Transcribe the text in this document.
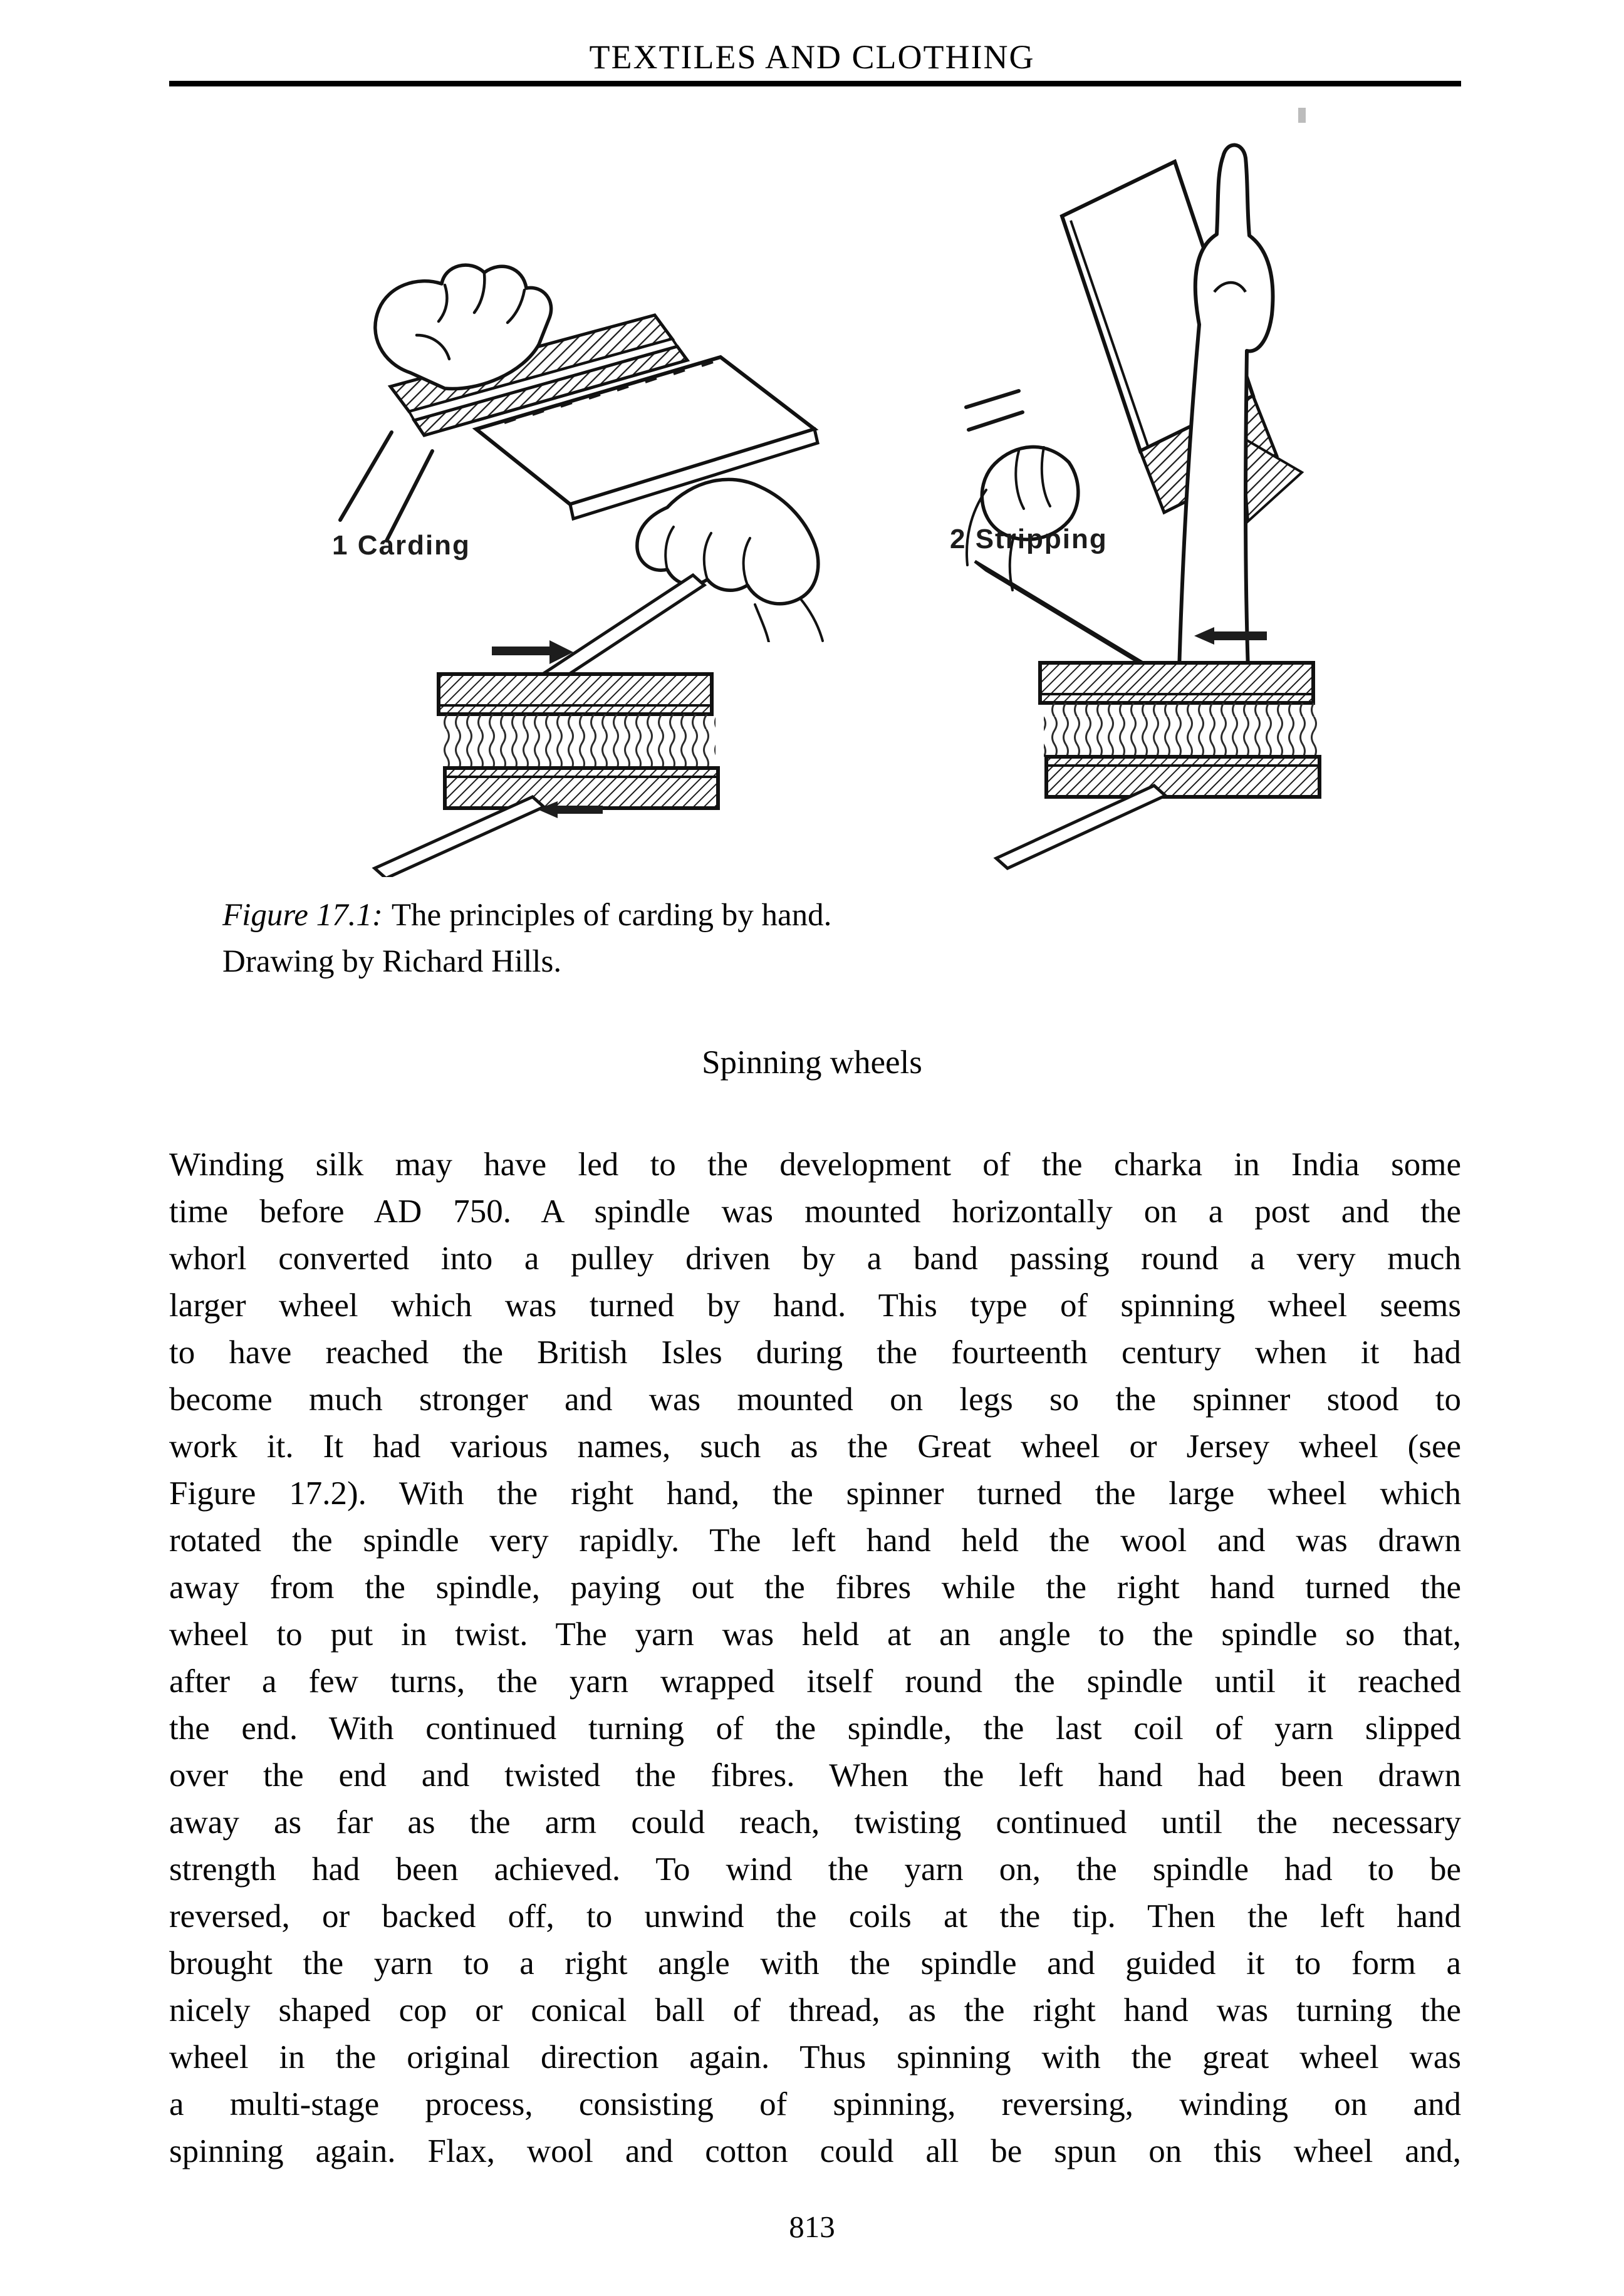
TEXTILES AND CLOTHING
1 Carding	2 Stripping
Figure 17.1: The principles of carding by hand.
Drawing by Richard Hills.
Spinning wheels
Winding silk may have led to the development of the charka in India some
time before AD 750. A spindle was mounted horizontally on a post and the
whorl converted into a pulley driven by a band passing round a very much
larger wheel which was turned by hand. This type of spinning wheel seems
to have reached the British Isles during the fourteenth century when it had
become much stronger and was mounted on legs so the spinner stood to
work it. It had various names, such as the Great wheel or Jersey wheel (see
Figure 17.2). With the right hand, the spinner turned the large wheel which
rotated the spindle very rapidly. The left hand held the wool and was drawn
away from the spindle, paying out the fibres while the right hand turned the
wheel to put in twist. The yarn was held at an angle to the spindle so that,
after a few turns, the yarn wrapped itself round the spindle until it reached
the end. With continued turning of the spindle, the last coil of yarn slipped
over the end and twisted the fibres. When the left hand had been drawn
away as far as the arm could reach, twisting continued until the necessary
strength had been achieved. To wind the yarn on, the spindle had to be
reversed, or backed off, to unwind the coils at the tip. Then the left hand
brought the yarn to a right angle with the spindle and guided it to form a
nicely shaped cop or conical ball of thread, as the right hand was turning the
wheel in the original direction again. Thus spinning with the great wheel was
a multi-stage process, consisting of spinning, reversing, winding on and
spinning again. Flax, wool and cotton could all be spun on this wheel and,
813
